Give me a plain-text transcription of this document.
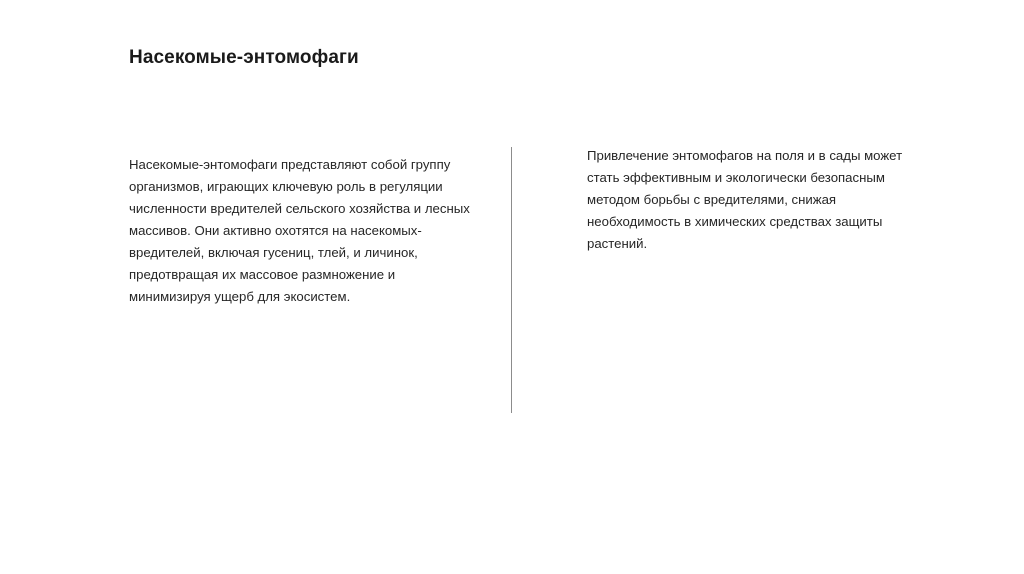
Насекомые-энтомофаги

Насекомые-энтомофаги представляют собой группу организмов, играющих ключевую роль в регуляции численности вредителей сельского хозяйства и лесных массивов. Они активно охотятся на насекомых-вредителей, включая гусениц, тлей, и личинок, предотвращая их массовое размножение и минимизируя ущерб для экосистем.

Привлечение энтомофагов на поля и в сады может стать эффективным и экологически безопасным методом борьбы с вредителями, снижая необходимость в химических средствах защиты растений.
